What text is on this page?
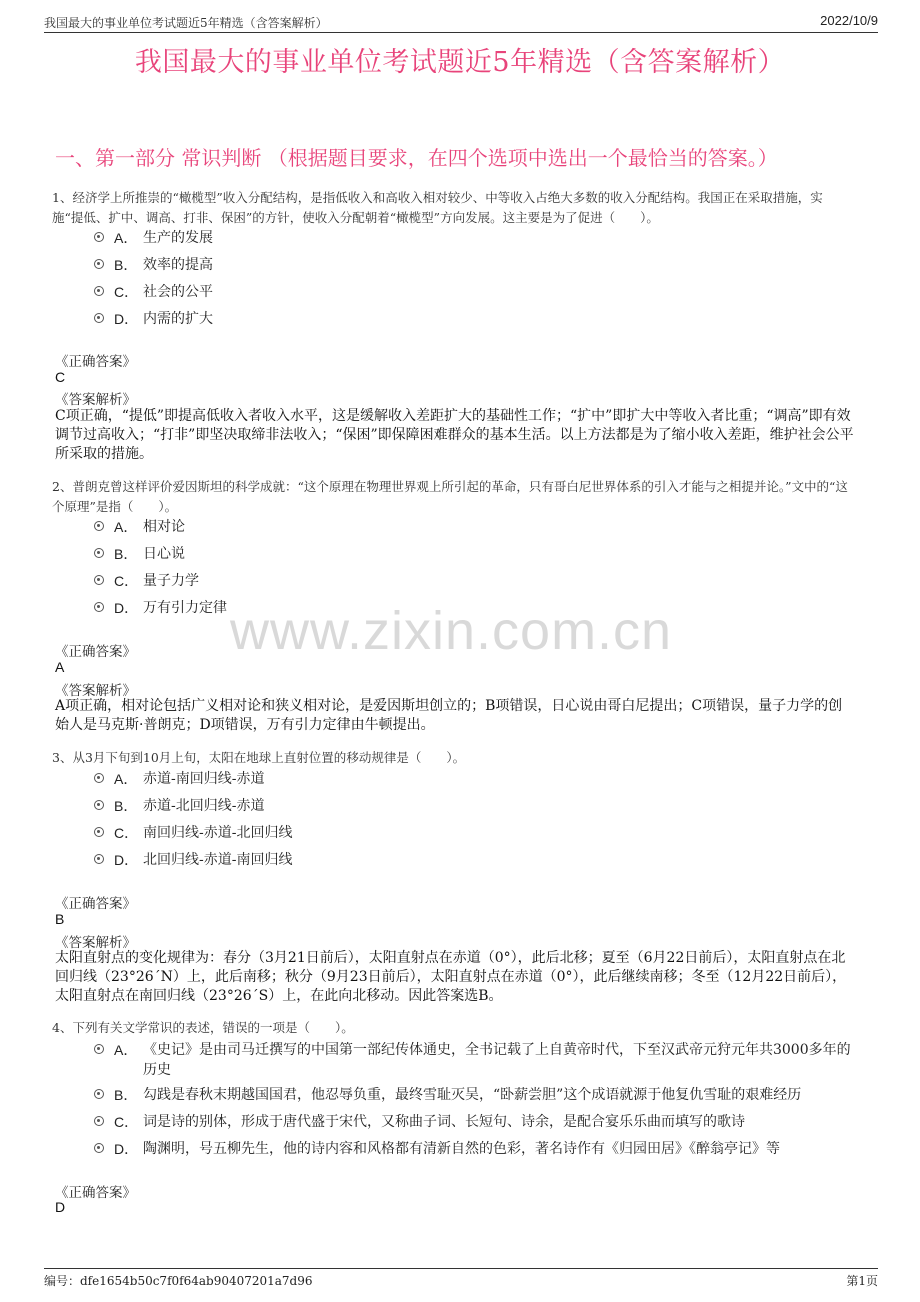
我国最大的事业单位考试题近5年精选（含答案解析）	2022/10/9
我国最大的事业单位考试题近5年精选（含答案解析）
一、第一部分 常识判断 （根据题目要求，在四个选项中选出一个最恰当的答案。）
www.zixin.com.cn
1、经济学上所推崇的“橄榄型”收入分配结构，是指低收入和高收入相对较少、中等收入占绝大多数的收入分配结构。我国正在采取措施，实施“提低、扩中、调高、打非、保困”的方针，使收入分配朝着“橄榄型”方向发展。这主要是为了促进（　　）。
A． 生产的发展
B． 效率的提高
C． 社会的公平
D． 内需的扩大
《正确答案》
C
《答案解析》
C项正确，“提低”即提高低收入者收入水平，这是缓解收入差距扩大的基础性工作；“扩中”即扩大中等收入者比重；“调高”即有效调节过高收入；“打非”即坚决取缔非法收入；“保困”即保障困难群众的基本生活。以上方法都是为了缩小收入差距，维护社会公平所采取的措施。
2、普朗克曾这样评价爱因斯坦的科学成就：“这个原理在物理世界观上所引起的革命，只有哥白尼世界体系的引入才能与之相提并论。”文中的“这个原理”是指（　　）。
A． 相对论
B． 日心说
C． 量子力学
D． 万有引力定律
《正确答案》
A
《答案解析》
A项正确，相对论包括广义相对论和狭义相对论，是爱因斯坦创立的；B项错误，日心说由哥白尼提出；C项错误，量子力学的创始人是马克斯·普朗克；D项错误，万有引力定律由牛顿提出。
3、从3月下旬到10月上旬，太阳在地球上直射位置的移动规律是（　　）。
A． 赤道-南回归线-赤道
B． 赤道-北回归线-赤道
C． 南回归线-赤道-北回归线
D． 北回归线-赤道-南回归线
《正确答案》
B
《答案解析》
太阳直射点的变化规律为：春分（3月21日前后），太阳直射点在赤道（0°），此后北移；夏至（6月22日前后），太阳直射点在北回归线（23°26´N）上，此后南移；秋分（9月23日前后），太阳直射点在赤道（0°），此后继续南移；冬至（12月22日前后），太阳直射点在南回归线（23°26´S）上，在此向北移动。因此答案选B。
4、下列有关文学常识的表述，错误的一项是（　　）。
A． 《史记》是由司马迁撰写的中国第一部纪传体通史，全书记载了上自黄帝时代，下至汉武帝元狩元年共3000多年的历史
B． 勾践是春秋末期越国国君，他忍辱负重，最终雪耻灭吴，“卧薪尝胆”这个成语就源于他复仇雪耻的艰难经历
C． 词是诗的别体，形成于唐代盛于宋代，又称曲子词、长短句、诗余，是配合宴乐乐曲而填写的歌诗
D． 陶渊明，号五柳先生，他的诗内容和风格都有清新自然的色彩，著名诗作有《归园田居》《醉翁亭记》等
《正确答案》
D
编号：dfe1654b50c7f0f64ab90407201a7d96	第1页
